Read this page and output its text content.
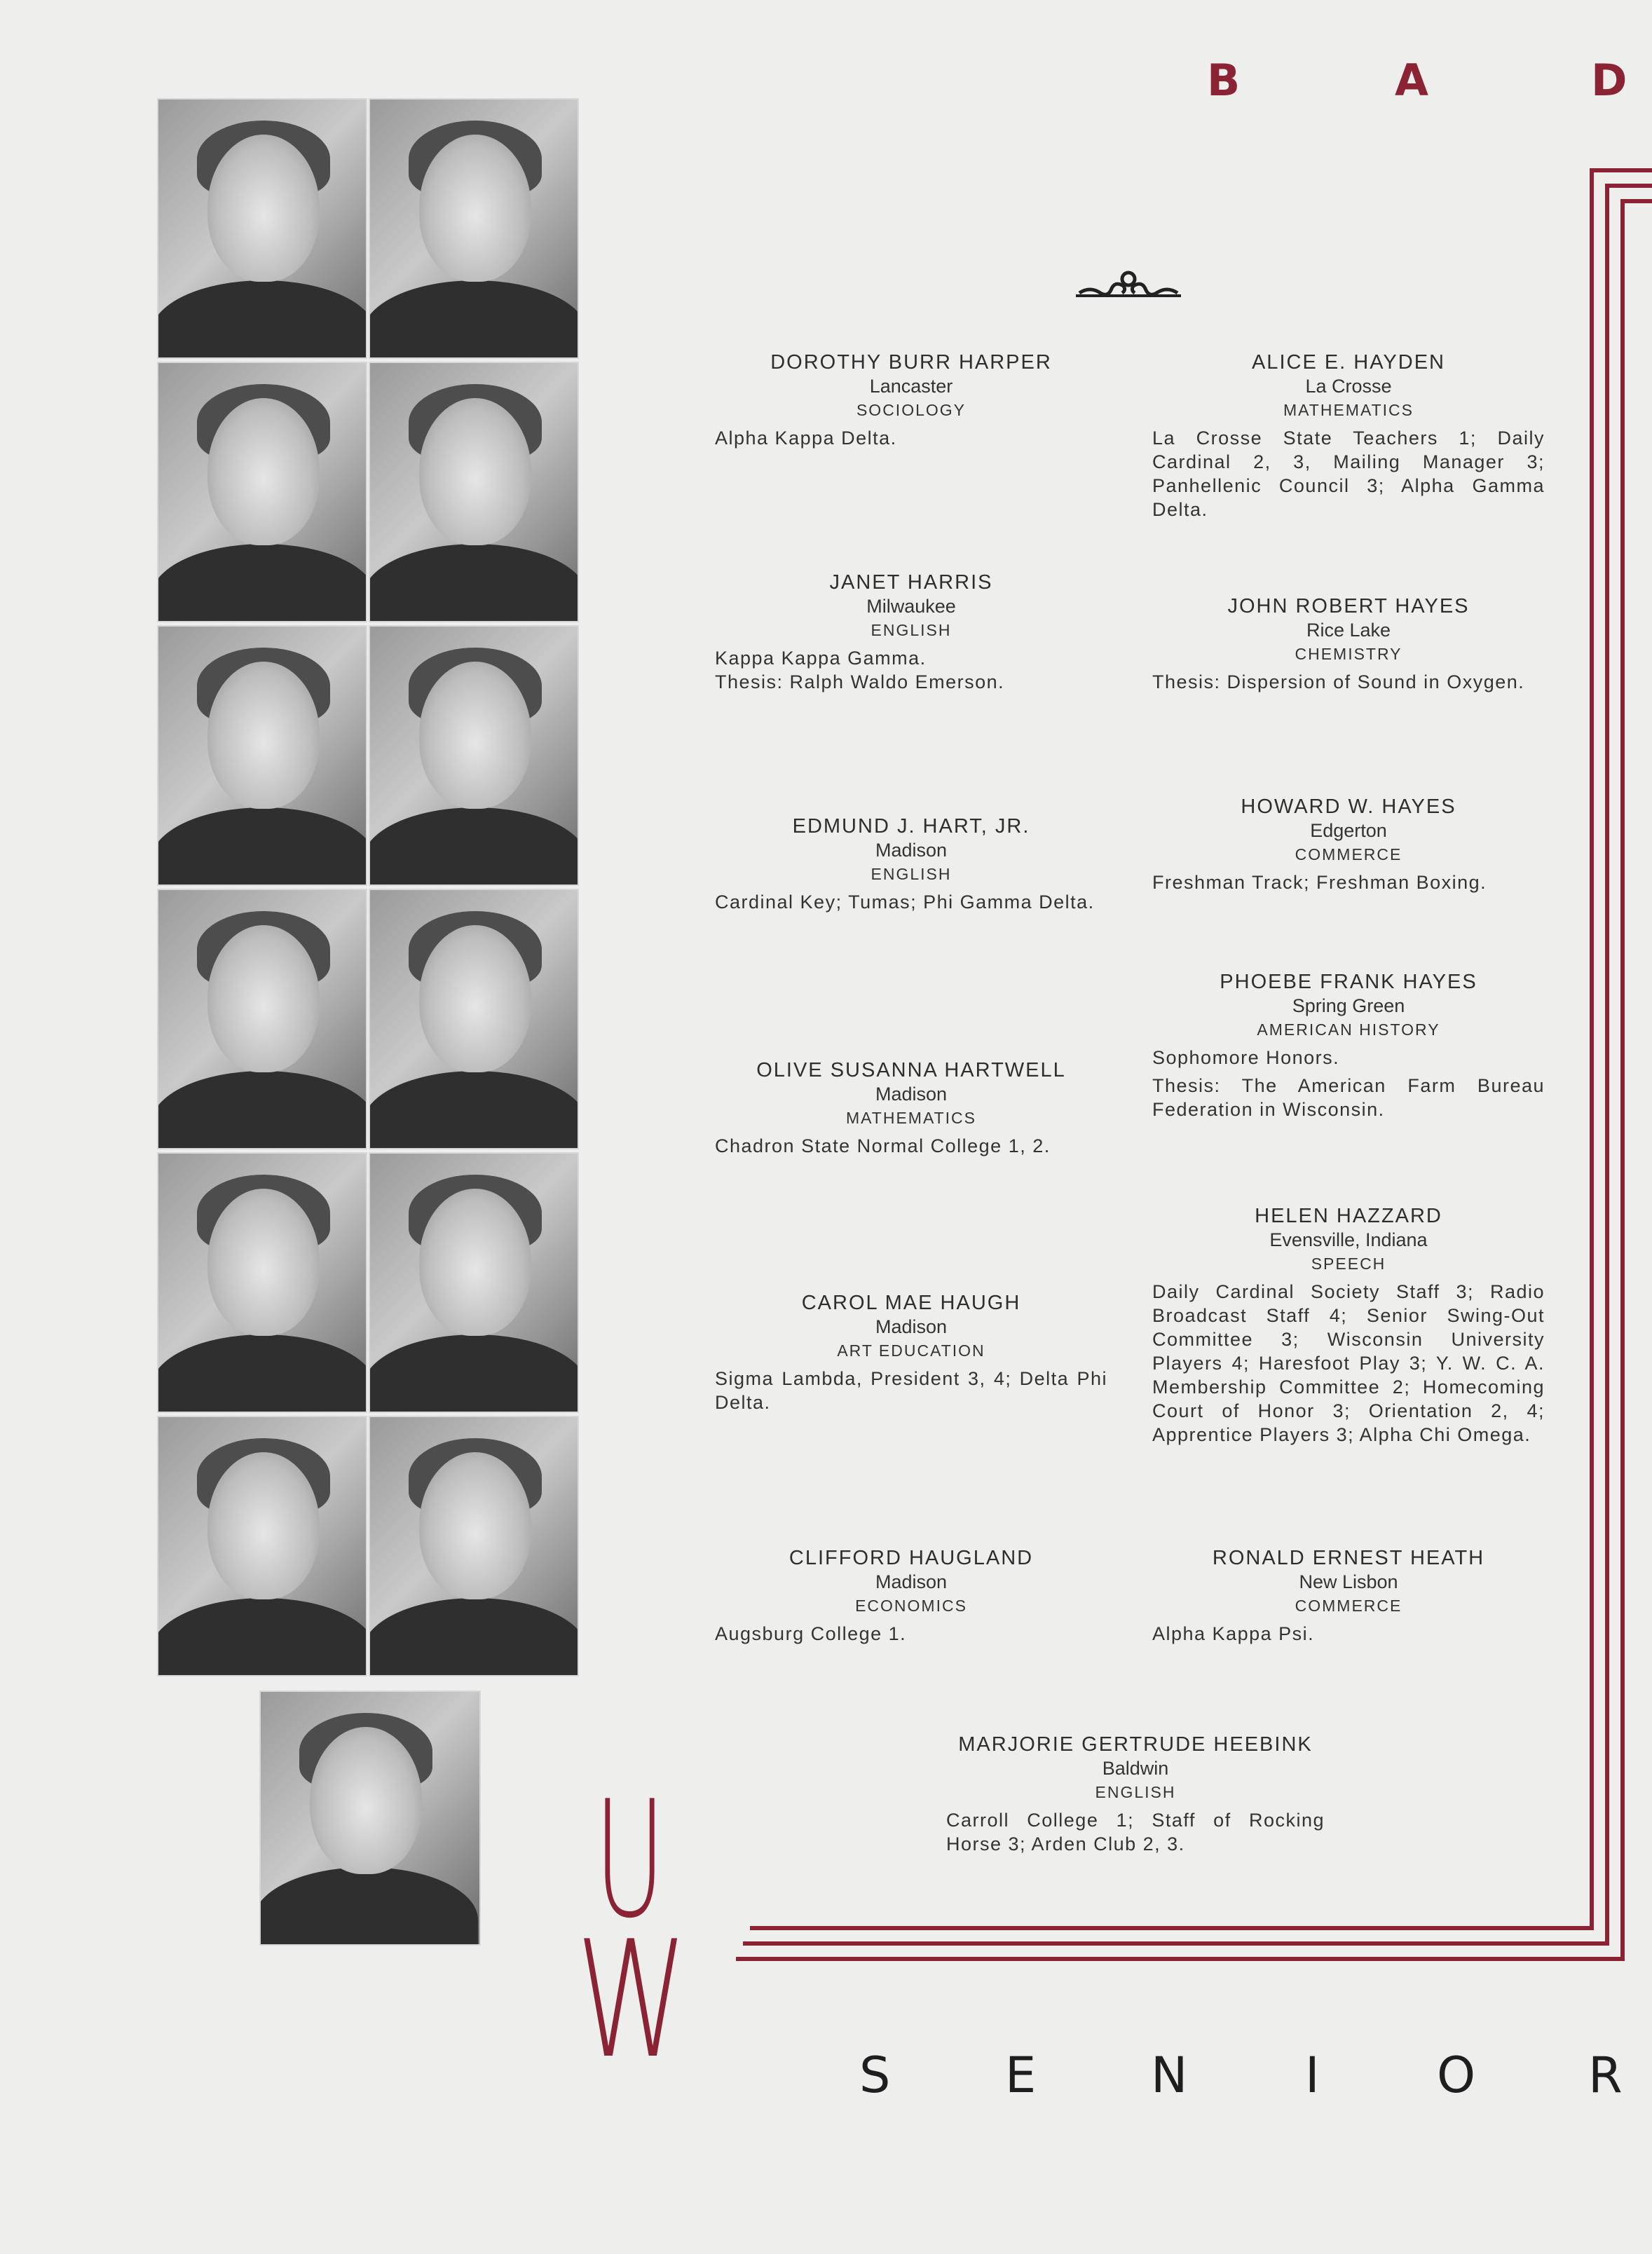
B	A	D
DOROTHY BURR HARPER
Lancaster
SOCIOLOGY
Alpha Kappa Delta.
JANET HARRIS
Milwaukee
ENGLISH
Kappa Kappa Gamma.
Thesis: Ralph Waldo Emerson.
EDMUND J. HART, JR.
Madison
ENGLISH
Cardinal Key; Tumas; Phi Gamma Delta.
OLIVE SUSANNA HARTWELL
Madison
MATHEMATICS
Chadron State Normal College 1, 2.
CAROL MAE HAUGH
Madison
ART EDUCATION
Sigma Lambda, President 3, 4; Delta Phi Delta.
CLIFFORD HAUGLAND
Madison
ECONOMICS
Augsburg College 1.
ALICE E. HAYDEN
La Crosse
MATHEMATICS
La Crosse State Teachers 1; Daily Cardinal 2, 3, Mailing Manager 3; Panhellenic Council 3; Alpha Gamma Delta.
JOHN ROBERT HAYES
Rice Lake
CHEMISTRY
Thesis: Dispersion of Sound in Oxygen.
HOWARD W. HAYES
Edgerton
COMMERCE
Freshman Track; Freshman Boxing.
PHOEBE FRANK HAYES
Spring Green
AMERICAN HISTORY
Sophomore Honors.
Thesis: The American Farm Bureau Federation in Wisconsin.
HELEN HAZZARD
Evensville, Indiana
SPEECH
Daily Cardinal Society Staff 3; Radio Broadcast Staff 4; Senior Swing-Out Committee 3; Wisconsin University Players 4; Haresfoot Play 3; Y. W. C. A. Membership Committee 2; Homecoming Court of Honor 3; Orientation 2, 4; Apprentice Players 3; Alpha Chi Omega.
RONALD ERNEST HEATH
New Lisbon
COMMERCE
Alpha Kappa Psi.
MARJORIE GERTRUDE HEEBINK
Baldwin
ENGLISH
Carroll College 1; Staff of Rocking Horse 3; Arden Club 2, 3.
U
W	S E N I O R
